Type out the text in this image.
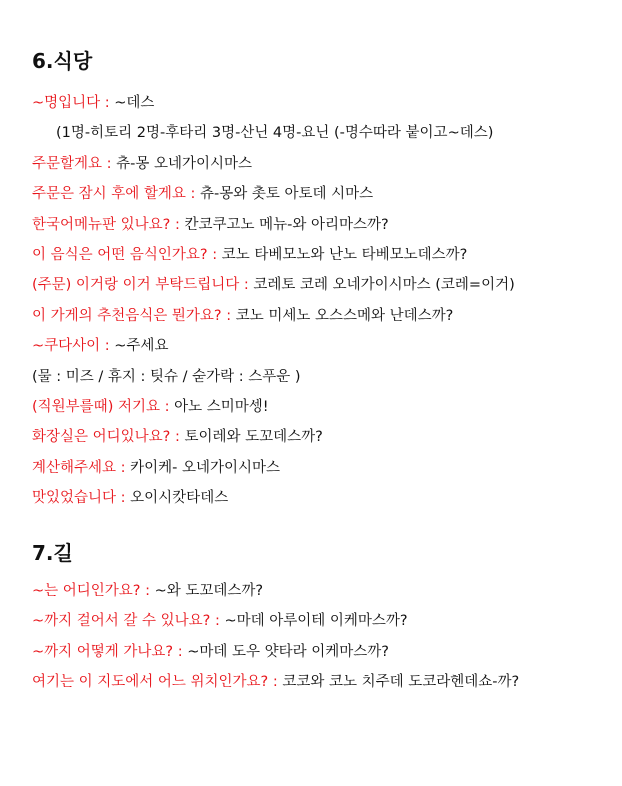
6.식당
~명입니다 : ~데스
(1명-히토리 2명-후타리 3명-산닌 4명-요닌 (-명수따라 붙이고~데스)
주문할게요 : 츄-몽 오네가이시마스
주문은 잠시 후에 할게요 : 츄-몽와 촛토 아토데 시마스
한국어메뉴판 있나요? : 칸코쿠고노 메뉴-와 아리마스까?
이 음식은 어떤 음식인가요? : 코노 타베모노와 난노 타베모노데스까?
(주문) 이거랑 이거 부탁드립니다 : 코레토 코레 오네가이시마스 (코레=이거)
이 가게의 추천음식은 뭔가요? : 코노 미세노 오스스메와 난데스까?
~쿠다사이 : ~주세요
(물 : 미즈 / 휴지 : 팃슈 / 숟가락 : 스푸운 )
(직원부를때) 저기요 : 아노 스미마셍!
화장실은 어디있나요? : 토이레와 도꼬데스까?
계산해주세요 : 카이케- 오네가이시마스
맛있었습니다 : 오이시캇타데스
7.길
~는 어디인가요? : ~와 도꼬데스까?
~까지 걸어서 갈 수 있나요? : ~마데 아루이테 이케마스까?
~까지 어떻게 가나요? : ~마데 도우 얏타라 이케마스까?
여기는 이 지도에서 어느 위치인가요? : 코코와 코노 치주데 도코라헨데쇼-까?
